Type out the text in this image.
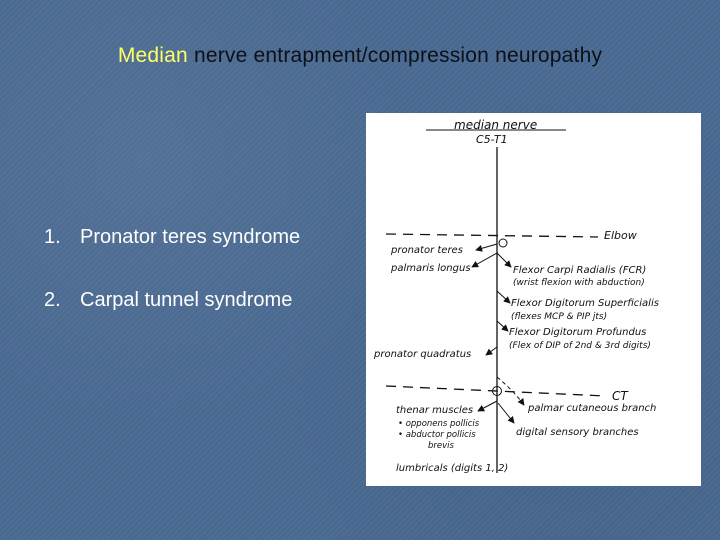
Median nerve entrapment/compression neuropathy
1. Pronator teres syndrome
2. Carpal tunnel syndrome
median nerve
C5-T1
Elbow
pronator teres
palmaris longus	Flexor Carpi Radialis (FCR)
(wrist flexion with abduction)
Flexor Digitorum Superficialis
(flexes MCP & PIP jts)
Flexor Digitorum Profundus
(Flex of DIP of 2nd & 3rd digits)
pronator quadratus
CT
palmar cutaneous branch
digital sensory branches
thenar muscles
• opponens pollicis
• abductor pollicis
brevis
lumbricals (digits 1, 2)
